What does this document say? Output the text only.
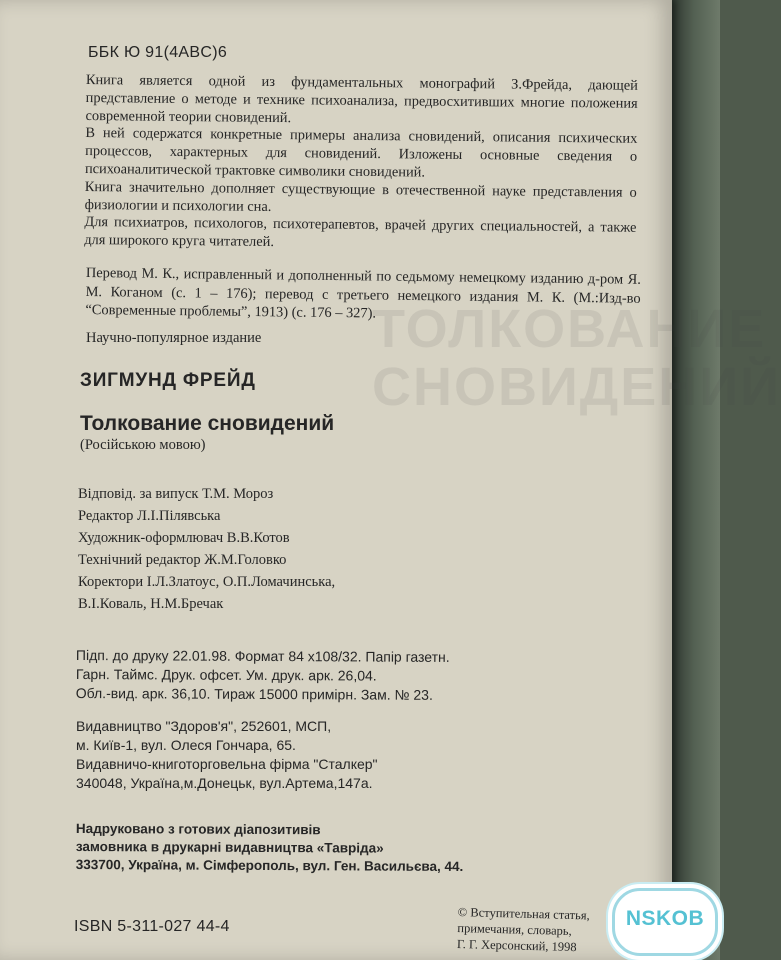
ТОЛКОВАНИЕ СНОВИДЕНИЙ
ББК Ю 91(4ABC)6

Книга является одной из фундаментальных монографий З.Фрейда, дающей представление о методе и технике психоанализа, предвосхитивших многие положения современной теории сновидений.

В ней содержатся конкретные примеры анализа сновидений, описания психических процессов, характерных для сновидений. Изложены основные сведения о психоаналитической трактовке символики сновидений.

Книга значительно дополняет существующие в отечественной науке представления о физиологии и психологии сна.

Для психиатров, психологов, психотерапевтов, врачей других специальностей, а также для широкого круга читателей.

Перевод М. К., исправленный и дополненный по седьмому немецкому изданию д-ром Я. М. Коганом (с. 1 – 176); перевод с третьего немецкого издания М. К. (М.:Изд-во “Современные проблемы”, 1913) (с. 176 – 327).

Научно-популярное издание
ЗИГМУНД ФРЕЙД
Толкование сновидений
(Російською мовою)
Відповід. за випуск Т.М. Мороз
Редактор Л.І.Пілявська
Художник-оформлювач В.В.Котов
Технічний редактор Ж.М.Головко
Коректори І.Л.Златоус, О.П.Ломачинська,
В.І.Коваль, Н.М.Бречак
Підп. до друку 22.01.98. Формат 84 х108/32. Папір газетн.
Гарн. Таймс. Друк. офсет. Ум. друк. арк. 26,04.
Обл.-вид. арк. 36,10. Тираж 15000 примірн. Зам. № 23.
Видавництво "Здоров'я", 252601, МСП,
м. Київ-1, вул. Олеся Гончара, 65.
Видавничо-книготорговельна фірма "Сталкер"
340048, Україна,м.Донецьк, вул.Артема,147а.
Надруковано з готових діапозитивів
замовника в друкарні видавництва «Тавріда»
333700, Україна, м. Сімферополь, вул. Ген. Васильєва, 44.
ISBN 5-311-027 44-4
© Вступительная статья,
примечания, словарь,
Г. Г. Херсонский, 1998
NSKOB
